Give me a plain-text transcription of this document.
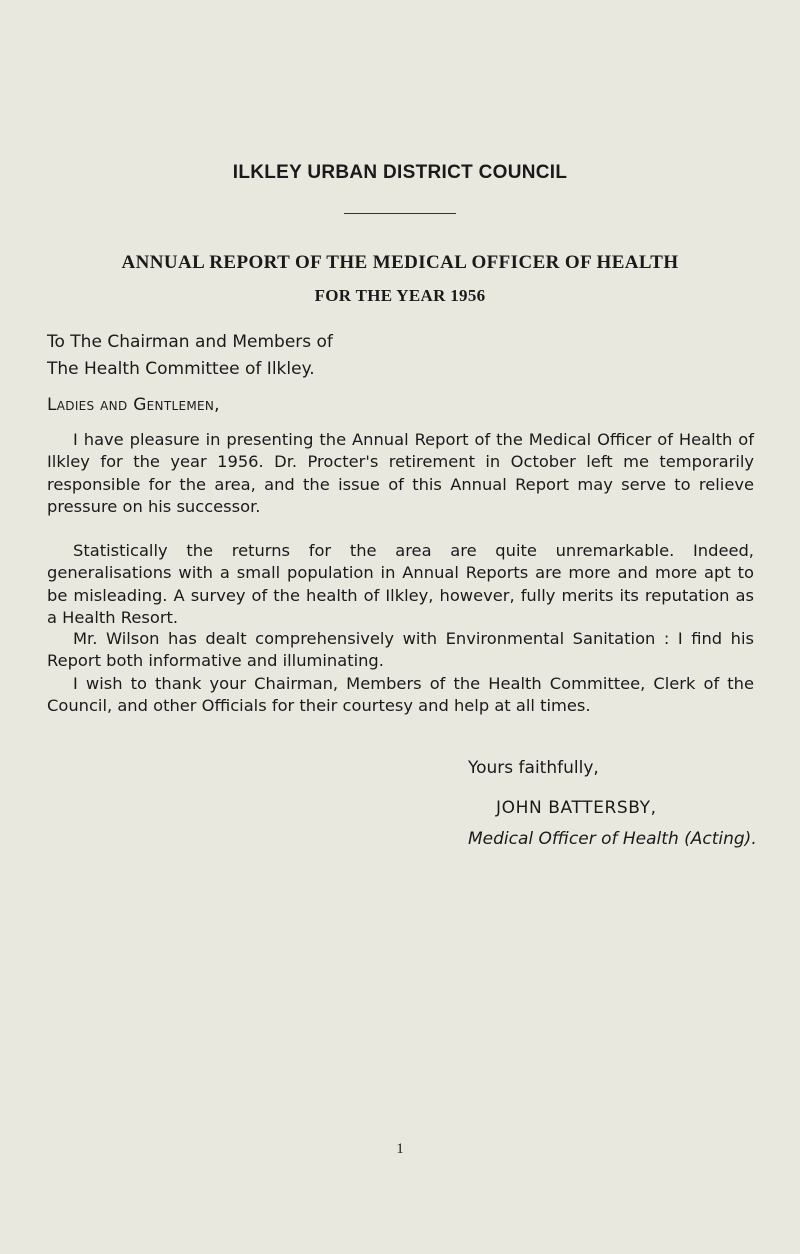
ILKLEY URBAN DISTRICT COUNCIL
ANNUAL REPORT OF THE MEDICAL OFFICER OF HEALTH
FOR THE YEAR 1956
To The Chairman and Members of
The Health Committee of Ilkley.
Ladies and Gentlemen,
I have pleasure in presenting the Annual Report of the Medical Officer of Health of Ilkley for the year 1956. Dr. Procter's retirement in October left me temporarily responsible for the area, and the issue of this Annual Report may serve to relieve pressure on his successor.
Statistically the returns for the area are quite unremarkable. Indeed, generalisations with a small population in Annual Reports are more and more apt to be misleading. A survey of the health of Ilkley, however, fully merits its reputation as a Health Resort.
Mr. Wilson has dealt comprehensively with Environmental Sanitation : I find his Report both informative and illuminating.
I wish to thank your Chairman, Members of the Health Committee, Clerk of the Council, and other Officials for their courtesy and help at all times.
Yours faithfully,
JOHN BATTERSBY,
Medical Officer of Health (Acting).
1
